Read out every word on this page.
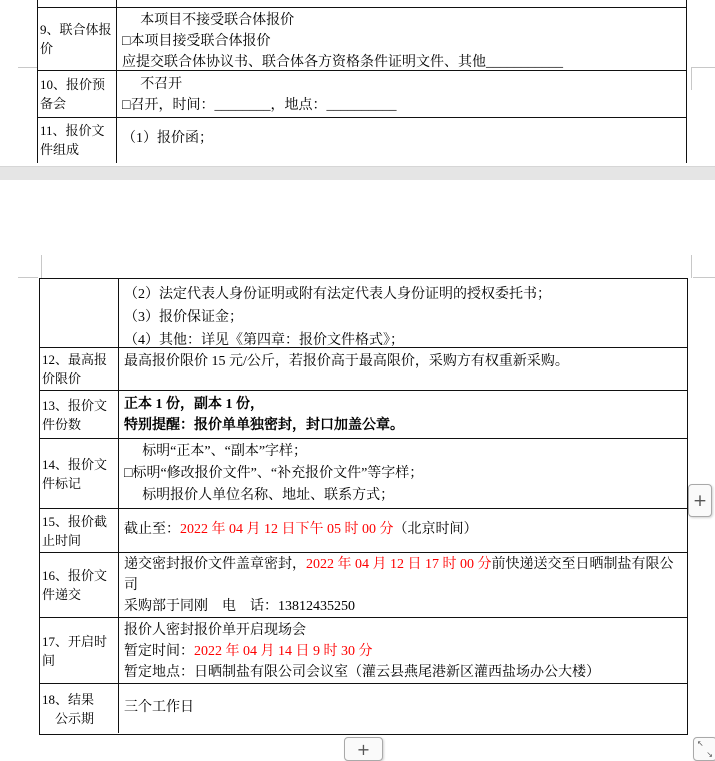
9、联合体报价
本项目不接受联合体报价
□本项目接受联合体报价
应提交联合体协议书、联合体各方资格条件证明文件、其他___________
10、报价预备会
不召开
□召开，时间：________，地点：__________
11、报价文件组成
（1）报价函；
（2）法定代表人身份证明或附有法定代表人身份证明的授权委托书；
（3）报价保证金；
（4）其他：详见《第四章：报价文件格式》；
12、最高报价限价
最高报价限价 15 元/公斤，若报价高于最高限价，采购方有权重新采购。
13、报价文件份数
正本 1 份，副本 1 份，
特别提醒：报价单单独密封，封口加盖公章。
14、报价文件标记
标明“正本”、“副本”字样；
□标明“修改报价文件”、“补充报价文件”等字样；
标明报价人单位名称、地址、联系方式；
15、报价截止时间
截止至：2022 年 04 月 12 日下午 05 时 00 分（北京时间）
16、报价文件递交
递交密封报价文件盖章密封，2022 年 04 月 12 日 17 时 00 分前快递送交至日晒制盐有限公司
采购部于同刚　电　话：13812435250
17、开启时间
报价人密封报价单开启现场会
暂定时间：2022 年 04 月 14 日 9 时 30 分
暂定地点：日晒制盐有限公司会议室（灌云县燕尾港新区灌西盐场办公大楼）
18、结果
公示期
三个工作日
+
+	↖
↘
